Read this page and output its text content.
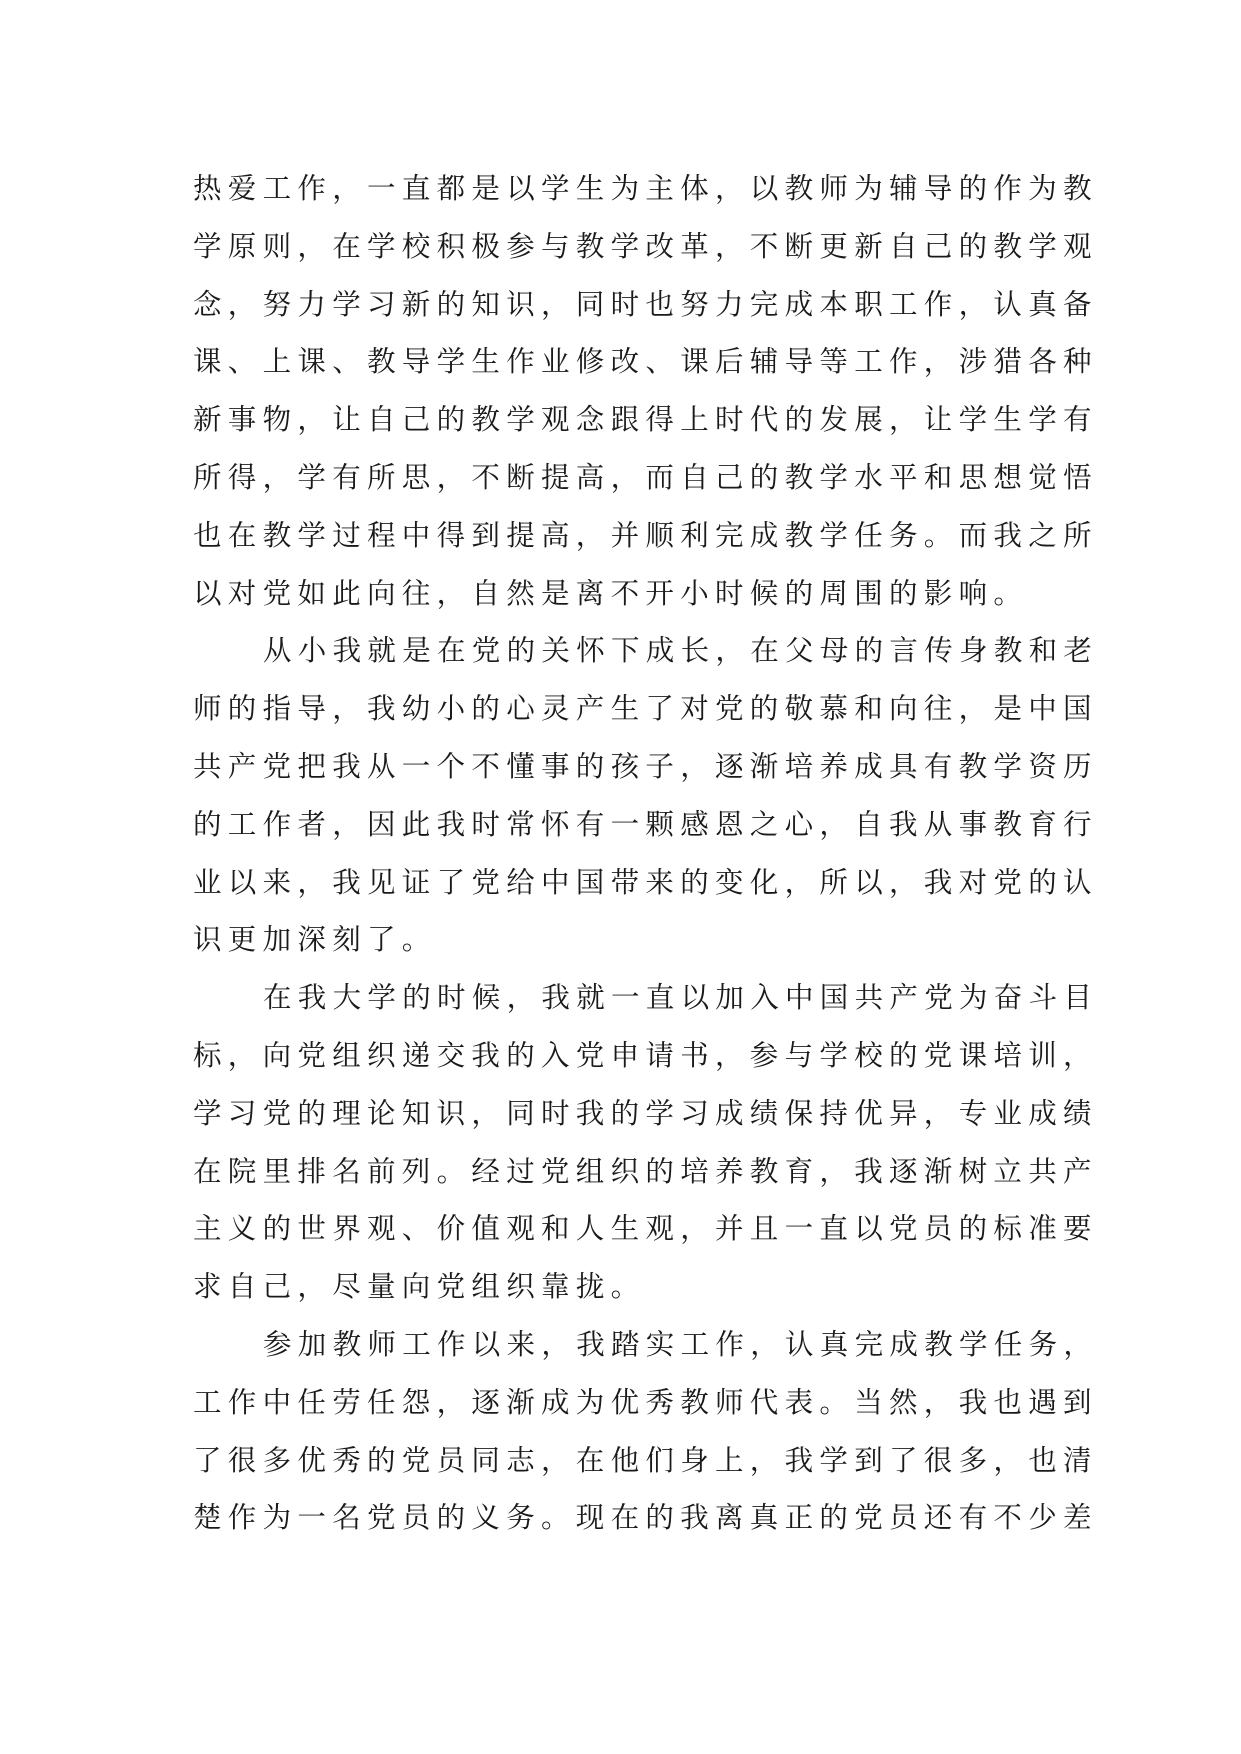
热爱工作，一直都是以学生为主体，以教师为辅导的作为教
学原则，在学校积极参与教学改革，不断更新自己的教学观
念，努力学习新的知识，同时也努力完成本职工作，认真备
课、上课、教导学生作业修改、课后辅导等工作，涉猎各种
新事物，让自己的教学观念跟得上时代的发展，让学生学有
所得，学有所思，不断提高，而自己的教学水平和思想觉悟
也在教学过程中得到提高，并顺利完成教学任务。而我之所
以对党如此向往，自然是离不开小时候的周围的影响。
从小我就是在党的关怀下成长，在父母的言传身教和老
师的指导，我幼小的心灵产生了对党的敬慕和向往，是中国
共产党把我从一个不懂事的孩子，逐渐培养成具有教学资历
的工作者，因此我时常怀有一颗感恩之心，自我从事教育行
业以来，我见证了党给中国带来的变化，所以，我对党的认
识更加深刻了。
在我大学的时候，我就一直以加入中国共产党为奋斗目
标，向党组织递交我的入党申请书，参与学校的党课培训，
学习党的理论知识，同时我的学习成绩保持优异，专业成绩
在院里排名前列。经过党组织的培养教育，我逐渐树立共产
主义的世界观、价值观和人生观，并且一直以党员的标准要
求自己，尽量向党组织靠拢。
参加教师工作以来，我踏实工作，认真完成教学任务，
工作中任劳任怨，逐渐成为优秀教师代表。当然，我也遇到
了很多优秀的党员同志，在他们身上，我学到了很多，也清
楚作为一名党员的义务。现在的我离真正的党员还有不少差
